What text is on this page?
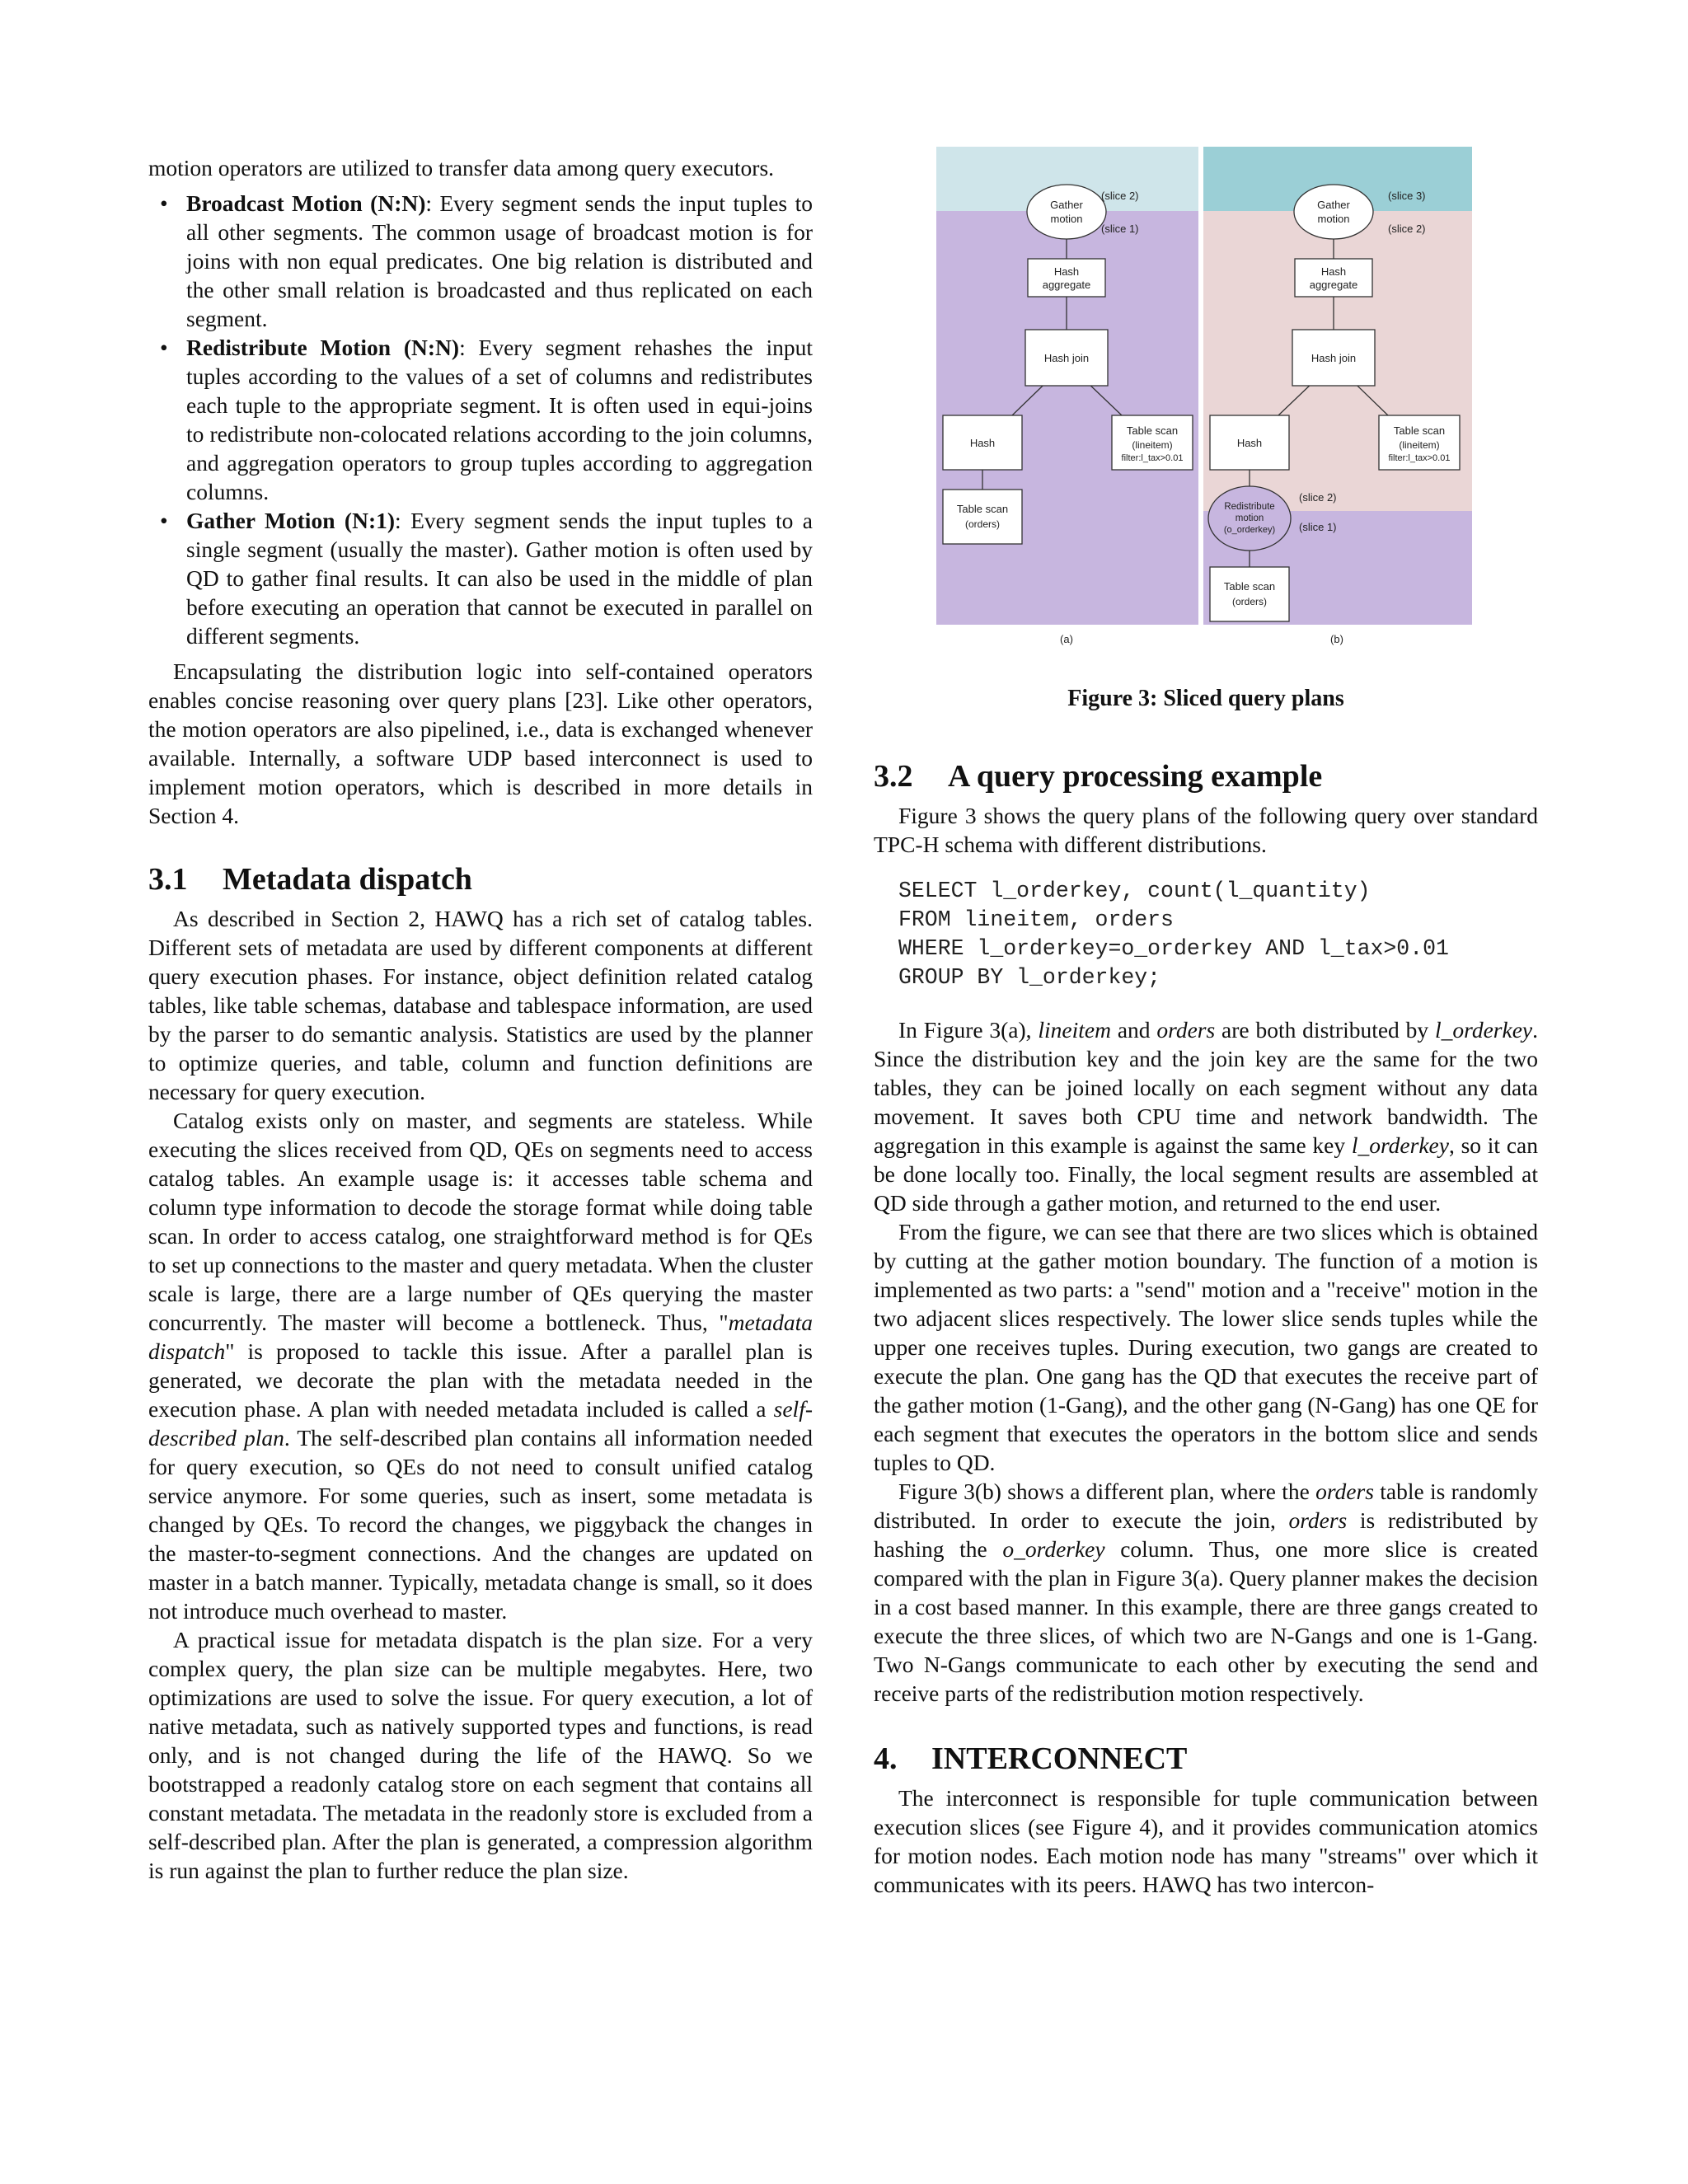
motion operators are utilized to transfer data among query executors.

• Broadcast Motion (N:N): Every segment sends the input tuples to all other segments. The common usage of broadcast motion is for joins with non equal predicates. One big relation is distributed and the other small relation is broadcasted and thus replicated on each segment.
• Redistribute Motion (N:N): Every segment rehashes the input tuples according to the values of a set of columns and redistributes each tuple to the appropriate segment. It is often used in equi-joins to redistribute non-colocated relations according to the join columns, and aggregation operators to group tuples according to aggregation columns.
• Gather Motion (N:1): Every segment sends the input tuples to a single segment (usually the master). Gather motion is often used by QD to gather final results. It can also be used in the middle of plan before executing an operation that cannot be executed in parallel on different segments.

Encapsulating the distribution logic into self-contained operators enables concise reasoning over query plans [23]. Like other operators, the motion operators are also pipelined, i.e., data is exchanged whenever available. Internally, a software UDP based interconnect is used to implement motion operators, which is described in more details in Section 4.

3.1 Metadata dispatch

As described in Section 2, HAWQ has a rich set of catalog tables. Different sets of metadata are used by different components at different query execution phases. For instance, object definition related catalog tables, like table schemas, database and tablespace information, are used by the parser to do semantic analysis. Statistics are used by the planner to optimize queries, and table, column and function definitions are necessary for query execution.

Catalog exists only on master, and segments are stateless. While executing the slices received from QD, QEs on segments need to access catalog tables. An example usage is: it accesses table schema and column type information to decode the storage format while doing table scan. In order to access catalog, one straightforward method is for QEs to set up connections to the master and query metadata. When the cluster scale is large, there are a large number of QEs querying the master concurrently. The master will become a bottleneck. Thus, "metadata dispatch" is proposed to tackle this issue. After a parallel plan is generated, we decorate the plan with the metadata needed in the execution phase. A plan with needed metadata included is called a self-described plan. The self-described plan contains all information needed for query execution, so QEs do not need to consult unified catalog service anymore. For some queries, such as insert, some metadata is changed by QEs. To record the changes, we piggyback the changes in the master-to-segment connections. And the changes are updated on master in a batch manner. Typically, metadata change is small, so it does not introduce much overhead to master.

A practical issue for metadata dispatch is the plan size. For a very complex query, the plan size can be multiple megabytes. Here, two optimizations are used to solve the issue. For query execution, a lot of native metadata, such as natively supported types and functions, is read only, and is not changed during the life of the HAWQ. So we bootstrapped a readonly catalog store on each segment that contains all constant metadata. The metadata in the readonly store is excluded from a self-described plan. After the plan is generated, a compression algorithm is run against the plan to further reduce the plan size.

Gather
motion
Hash
aggregate
Hash join
Hash
Table scan
(lineitem)
filter:l_tax>0.01
Table scan
(orders)
(slice 2)
(slice 1)
(a)
Gather
motion
Hash
aggregate
Hash join
Hash
Table scan
(lineitem)
filter:l_tax>0.01
Redistribute
motion
(o_orderkey)
Table scan
(orders)
(slice 3)
(slice 2)
(slice 2)
(slice 1)
(b)
Figure 3: Sliced query plans
3.2 A query processing example

Figure 3 shows the query plans of the following query over standard TPC-H schema with different distributions.

SELECT l_orderkey, count(l_quantity)
FROM lineitem, orders
WHERE l_orderkey=o_orderkey AND l_tax>0.01
GROUP BY l_orderkey;

In Figure 3(a), lineitem and orders are both distributed by l_orderkey. Since the distribution key and the join key are the same for the two tables, they can be joined locally on each segment without any data movement. It saves both CPU time and network bandwidth. The aggregation in this example is against the same key l_orderkey, so it can be done locally too. Finally, the local segment results are assembled at QD side through a gather motion, and returned to the end user.

From the figure, we can see that there are two slices which is obtained by cutting at the gather motion boundary. The function of a motion is implemented as two parts: a "send" motion and a "receive" motion in the two adjacent slices respectively. The lower slice sends tuples while the upper one receives tuples. During execution, two gangs are created to execute the plan. One gang has the QD that executes the receive part of the gather motion (1-Gang), and the other gang (N-Gang) has one QE for each segment that executes the operators in the bottom slice and sends tuples to QD.

Figure 3(b) shows a different plan, where the orders table is randomly distributed. In order to execute the join, orders is redistributed by hashing the o_orderkey column. Thus, one more slice is created compared with the plan in Figure 3(a). Query planner makes the decision in a cost based manner. In this example, there are three gangs created to execute the three slices, of which two are N-Gangs and one is 1-Gang. Two N-Gangs communicate to each other by executing the send and receive parts of the redistribution motion respectively.

4. INTERCONNECT

The interconnect is responsible for tuple communication between execution slices (see Figure 4), and it provides communication atomics for motion nodes. Each motion node has many "streams" over which it communicates with its peers. HAWQ has two intercon-
